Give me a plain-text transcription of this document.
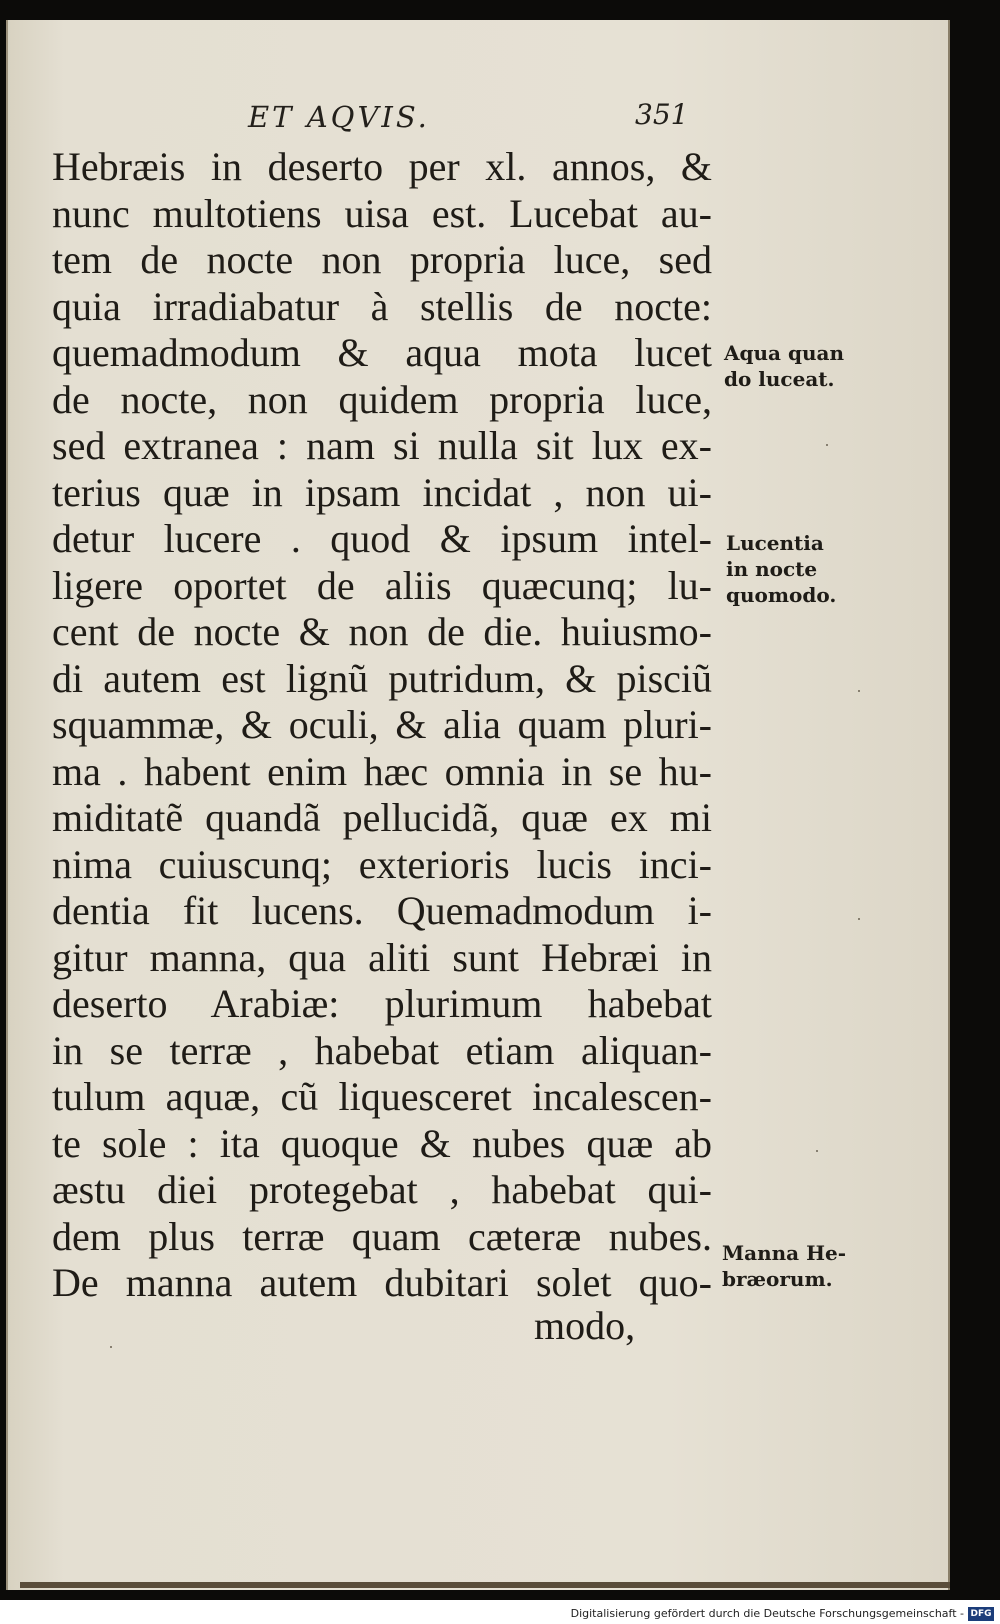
ET AQVIS.	351
Hebræis in deserto per xl. annos, &
nunc multotiens uisa est. Lucebat au-
tem de nocte non propria luce, sed
quia irradiabatur à stellis de nocte:
quemadmodum & aqua mota lucet
de nocte, non quidem propria luce,
sed extranea : nam si nulla sit lux ex-
terius quæ in ipsam incidat , non ui-
detur lucere . quod & ipsum intel-
ligere oportet de aliis quæcunq; lu-
cent de nocte & non de die. huiusmo-
di autem est lignũ putridum, & pisciũ
squammæ, & oculi, & alia quam pluri-
ma . habent enim hæc omnia in se hu-
miditatẽ quandã pellucidã, quæ ex mi
nima cuiuscunq; exterioris lucis inci-
dentia fit lucens. Quemadmodum i-
gitur manna, qua aliti sunt Hebræi in
deserto Arabiæ: plurimum habebat
in se terræ , habebat etiam aliquan-
tulum aquæ, cũ liquesceret incalescen-
te sole : ita quoque & nubes quæ ab
æstu diei protegebat , habebat qui-
dem plus terræ quam cæteræ nubes.
De manna autem dubitari solet quo-
modo,
Aqua quan
do luceat.
Lucentia
in nocte
quomodo.
Manna He-
bræorum.
Digitalisierung gefördert durch die Deutsche Forschungsgemeinschaft - DFG
